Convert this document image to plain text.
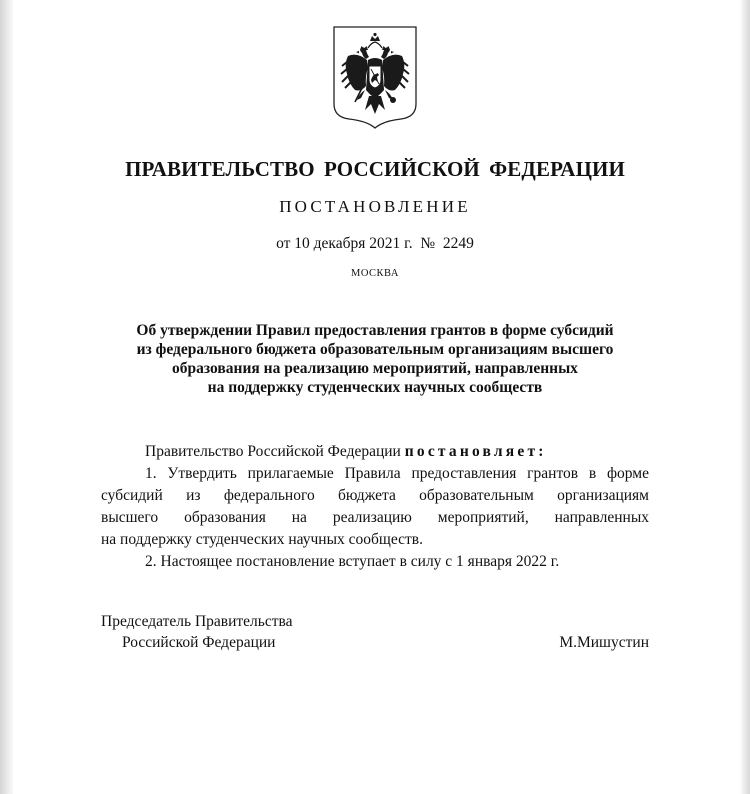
ПРАВИТЕЛЬСТВО РОССИЙСКОЙ ФЕДЕРАЦИИ
ПОСТАНОВЛЕНИЕ
от 10 декабря 2021 г.  №  2249
МОСКВА
Об утверждении Правил предоставления грантов в форме субсидий
из федерального бюджета образовательным организациям высшего
образования на реализацию мероприятий, направленных
на поддержку студенческих научных сообществ
Правительство Российской Федерации постановляет:
1. Утвердить прилагаемые Правила предоставления грантов в форме
субсидий из федерального бюджета образовательным организациям
высшего образования на реализацию мероприятий, направленных
на поддержку студенческих научных сообществ.
2. Настоящее постановление вступает в силу с 1 января 2022 г.
Председатель Правительства
Российской Федерации	М.Мишустин
